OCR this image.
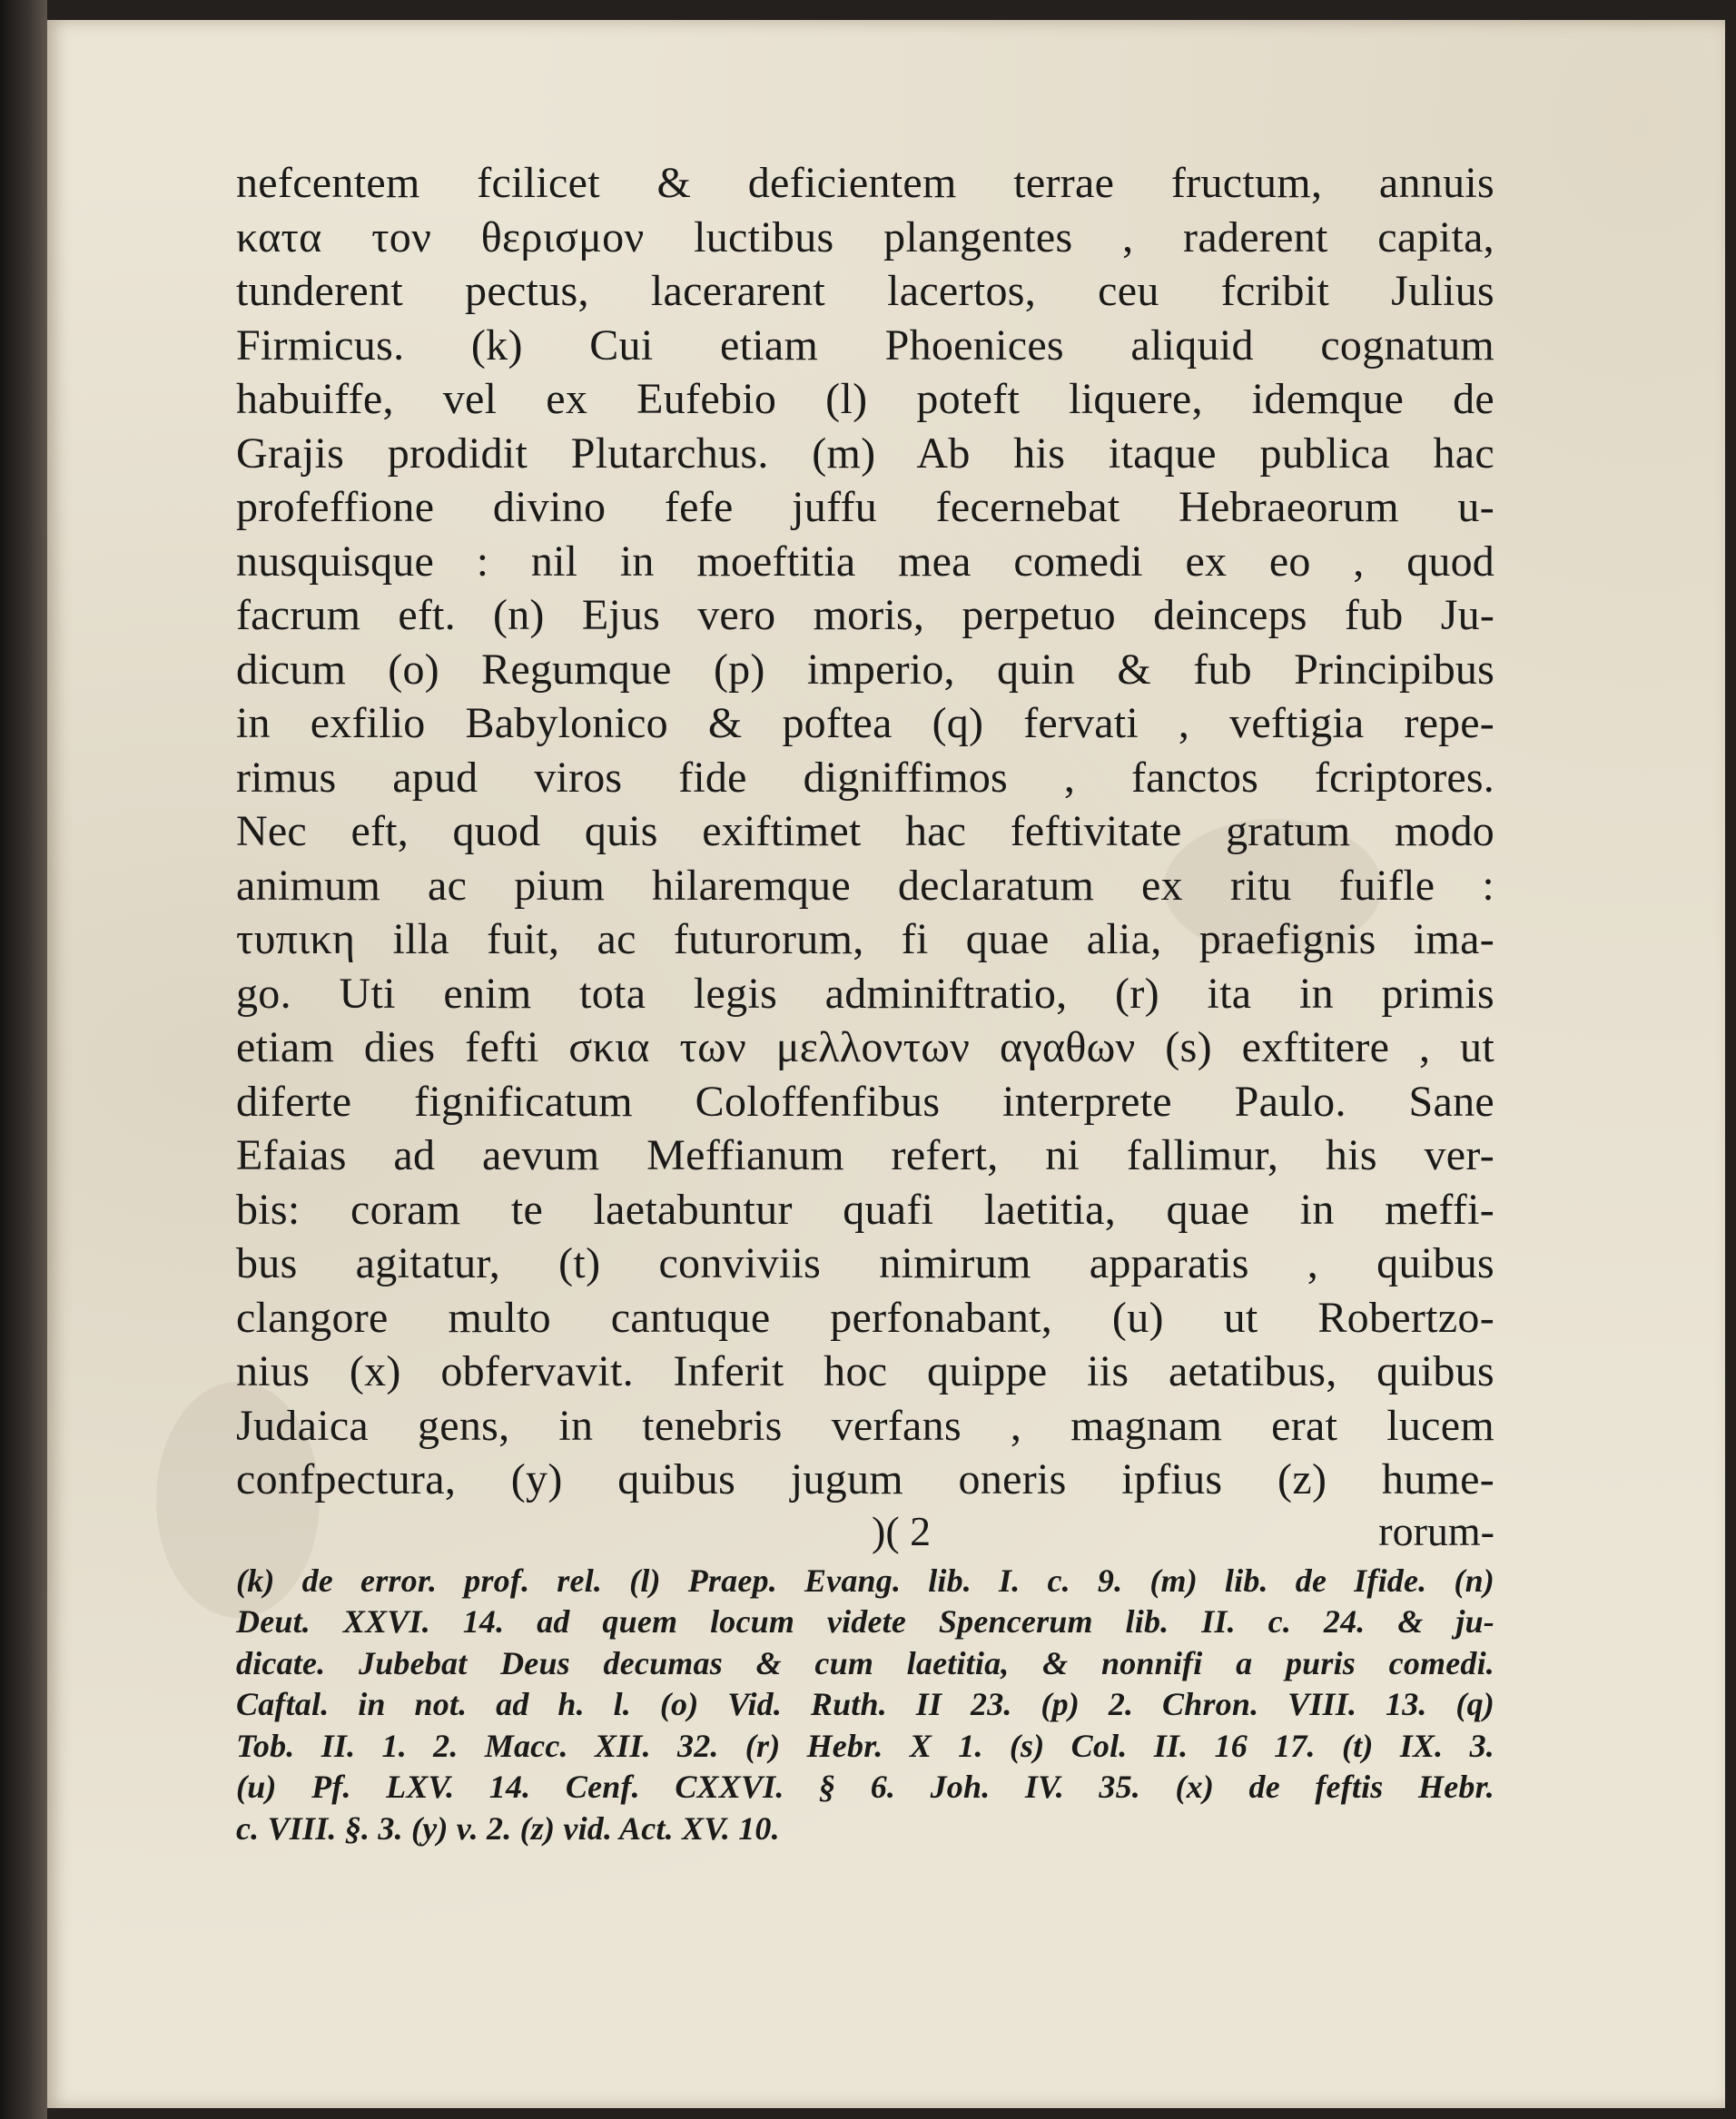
nefcentem fcilicet & deficientem terrae fructum, annuis
κατα τον θερισμον luctibus plangentes , raderent capita,
tunderent pectus, lacerarent lacertos, ceu fcribit Julius
Firmicus. (k) Cui etiam Phoenices aliquid cognatum
habuiffe, vel ex Eufebio (l) poteft liquere, idemque de
Grajis prodidit Plutarchus. (m) Ab his itaque publica hac
profeffione divino fefe juffu fecernebat Hebraeorum u-
nusquisque : nil in moeftitia mea comedi ex eo , quod
facrum eft. (n) Ejus vero moris, perpetuo deinceps fub Ju-
dicum (o) Regumque (p) imperio, quin & fub Principibus
in exfilio Babylonico & poftea (q) fervati , veftigia repe-
rimus apud viros fide digniffimos , fanctos fcriptores.
Nec eft, quod quis exiftimet hac feftivitate gratum modo
animum ac pium hilaremque declaratum ex ritu fuifle :
τυπικη illa fuit, ac futurorum, fi quae alia, praefignis ima-
go. Uti enim tota legis adminiftratio, (r) ita in primis
etiam dies fefti σκια των μελλοντων αγαθων (s) exftitere , ut
diferte fignificatum Coloffenfibus interprete Paulo. Sane
Efaias ad aevum Meffianum refert, ni fallimur, his ver-
bis: coram te laetabuntur quafi laetitia, quae in meffi-
bus agitatur, (t) conviviis nimirum apparatis , quibus
clangore multo cantuque perfonabant, (u) ut Robertzo-
nius (x) obfervavit. Inferit hoc quippe iis aetatibus, quibus
Judaica gens, in tenebris verfans , magnam erat lucem
confpectura, (y) quibus jugum oneris ipfius (z) hume-
)( 2	rorum-
(k) de error. prof. rel. (l) Praep. Evang. lib. I. c. 9. (m) lib. de Ifide. (n)
Deut. XXVI. 14. ad quem locum videte Spencerum lib. II. c. 24. & ju-
dicate. Jubebat Deus decumas & cum laetitia, & nonnifi a puris comedi.
Caftal. in not. ad h. l. (o) Vid. Ruth. II 23. (p) 2. Chron. VIII. 13. (q)
Tob. II. 1. 2. Macc. XII. 32. (r) Hebr. X 1. (s) Col. II. 16 17. (t) IX. 3.
(u) Pf. LXV. 14. Cenf. CXXVI. § 6. Joh. IV. 35. (x) de feftis Hebr.
c. VIII. §. 3. (y) v. 2. (z) vid. Act. XV. 10.
